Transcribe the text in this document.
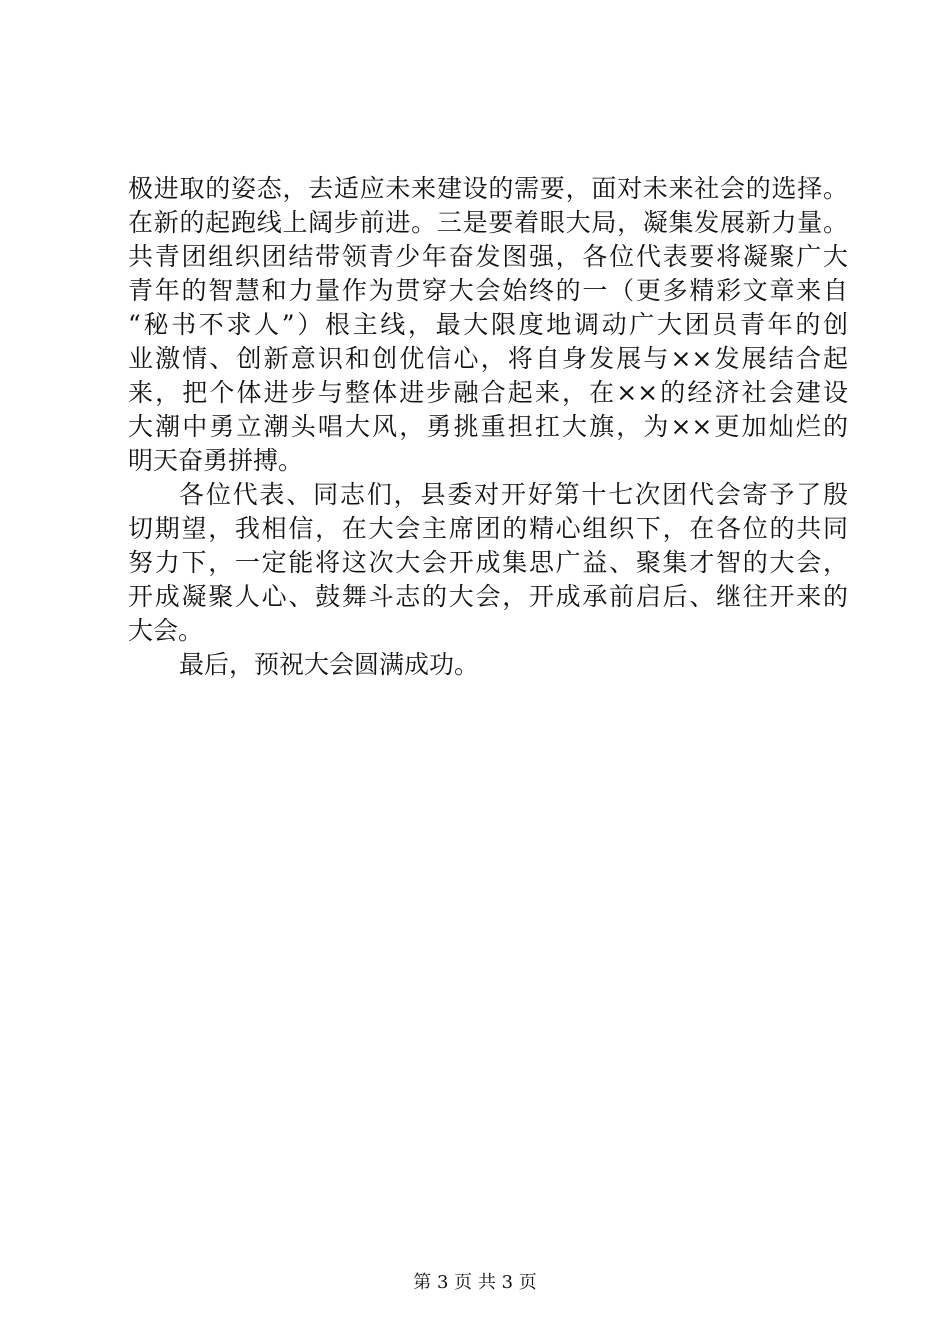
极进取的姿态，去适应未来建设的需要，面对未来社会的选择。
在新的起跑线上阔步前进。三是要着眼大局，凝集发展新力量。
共青团组织团结带领青少年奋发图强，各位代表要将凝聚广大
青年的智慧和力量作为贯穿大会始终的一（更多精彩文章来自
“秘书不求人”）根主线，最大限度地调动广大团员青年的创
业激情、创新意识和创优信心，将自身发展与××发展结合起
来，把个体进步与整体进步融合起来，在××的经济社会建设
大潮中勇立潮头唱大风，勇挑重担扛大旗，为××更加灿烂的
明天奋勇拼搏。
各位代表、同志们，县委对开好第十七次团代会寄予了殷
切期望，我相信，在大会主席团的精心组织下，在各位的共同
努力下，一定能将这次大会开成集思广益、聚集才智的大会，
开成凝聚人心、鼓舞斗志的大会，开成承前启后、继往开来的
大会。
最后，预祝大会圆满成功。
第 3 页 共 3 页
